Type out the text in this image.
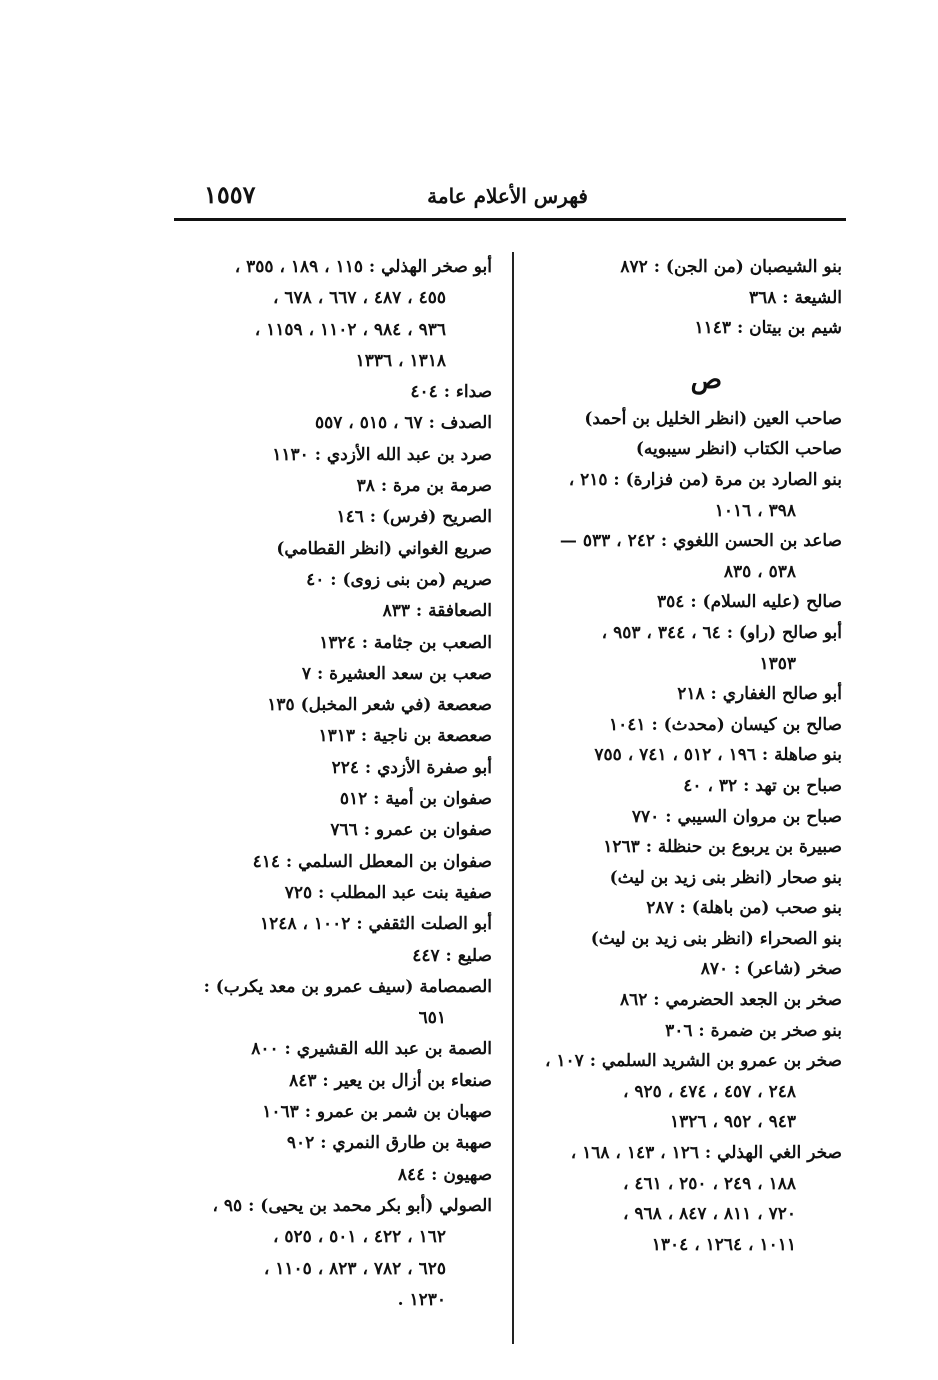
فهرس الأعلام عامة
١٥٥٧
بنو الشيصبان (من الجن) : ٨٧٢
الشيعة : ٣٦٨
شيم بن بيتان : ١١٤٣
ص
صاحب العين (انظر الخليل بن أحمد)
صاحب الكتاب (انظر سيبويه)
بنو الصارد بن مرة (من فزارة) : ٢١٥ ،
٣٩٨ ، ١٠١٦
صاعد بن الحسن اللغوي : ٢٤٢ ، ٥٣٣ —
٥٣٨ ، ٨٣٥
صالح (عليه السلام) : ٣٥٤
أبو صالح (راو) : ٦٤ ، ٣٤٤ ، ٩٥٣ ،
١٣٥٣
أبو صالح الغفاري : ٢١٨
صالح بن كيسان (محدث) : ١٠٤١
بنو صاهلة : ١٩٦ ، ٥١٢ ، ٧٤١ ، ٧٥٥
صباح بن تهد : ٣٢ ، ٤٠
صباح بن مروان السيبي : ٧٧٠
صبيرة بن يربوع بن حنظلة : ١٢٦٣
بنو صحار (انظر بنى زيد بن ليث)
بنو صحب (من باهلة) : ٢٨٧
بنو الصحراء (انظر بنى زيد بن ليث)
صخر (شاعر) : ٨٧٠
صخر بن الجعد الحضرمي : ٨٦٢
بنو صخر بن ضمرة : ٣٠٦
صخر بن عمرو بن الشريد السلمي : ١٠٧ ،
٢٤٨ ، ٤٥٧ ، ٤٧٤ ، ٩٢٥ ،
٩٤٣ ، ٩٥٢ ، ١٣٢٦
صخر الغي الهذلي : ١٢٦ ، ١٤٣ ، ١٦٨ ،
١٨٨ ، ٢٤٩ ، ٢٥٠ ، ٤٦١ ،
٧٢٠ ، ٨١١ ، ٨٤٧ ، ٩٦٨ ،
١٠١١ ، ١٢٦٤ ، ١٣٠٤
أبو صخر الهذلي : ١١٥ ، ١٨٩ ، ٣٥٥ ،
٤٥٥ ، ٤٨٧ ، ٦٦٧ ، ٦٧٨ ،
٩٣٦ ، ٩٨٤ ، ١١٠٢ ، ١١٥٩ ،
١٣١٨ ، ١٣٣٦
صداء : ٤٠٤
الصدف : ٦٧ ، ٥١٥ ، ٥٥٧
صرد بن عبد الله الأزدي : ١١٣٠
صرمة بن مرة : ٣٨
الصريح (فرس) : ١٤٦
صريع الغواني (انظر القطامي)
صريم (من بنى زوى) : ٤٠
الصعافقة : ٨٣٣
الصعب بن جثامة : ١٣٢٤
صعب بن سعد العشيرة : ٧
صعصعة (في شعر المخبل) ١٣٥
صعصعة بن ناجية : ١٣١٣
أبو صفرة الأزدي : ٢٢٤
صفوان بن أمية : ٥١٢
صفوان بن عمرو : ٧٦٦
صفوان بن المعطل السلمي : ٤١٤
صفية بنت عبد المطلب : ٧٢٥
أبو الصلت الثقفي : ١٠٠٢ ، ١٢٤٨
صليع : ٤٤٧
الصمصامة (سيف عمرو بن معد يكرب) :
٦٥١
الصمة بن عبد الله القشيري : ٨٠٠
صنعاء بن أزال بن يعير : ٨٤٣
صهبان بن شمر بن عمرو : ١٠٦٣
صهبة بن طارق النمري : ٩٠٢
صهيون : ٨٤٤
الصولي (أبو بكر محمد بن يحيى) : ٩٥ ،
١٦٢ ، ٤٢٢ ، ٥٠١ ، ٥٢٥ ،
٦٢٥ ، ٧٨٢ ، ٨٢٣ ، ١١٠٥ ،
١٢٣٠ .
